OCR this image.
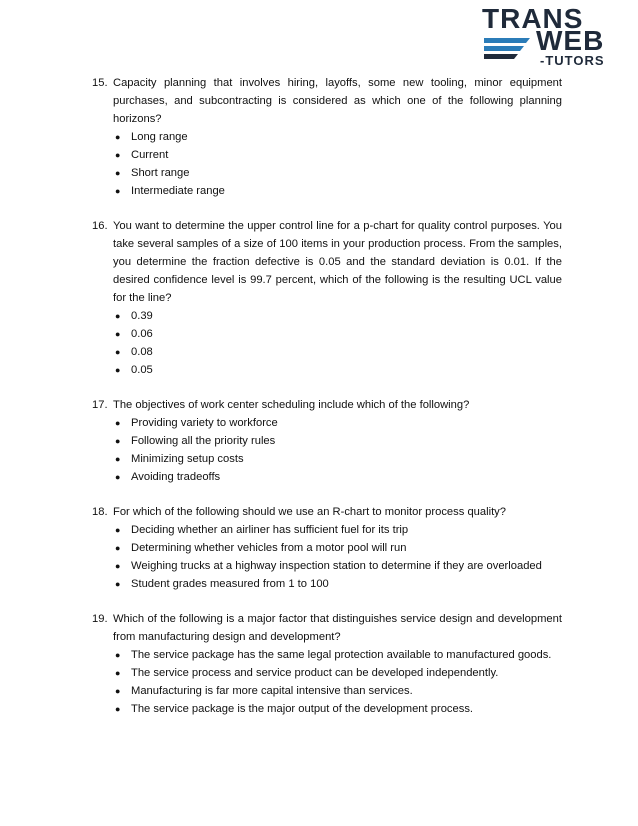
TRANS
WEB
-TUTORS
15. Capacity planning that involves hiring, layoffs, some new tooling, minor equipment purchases, and subcontracting is considered as which one of the following planning horizons?
● Long range
● Current
● Short range
● Intermediate range
16. You want to determine the upper control line for a p-chart for quality control purposes. You take several samples of a size of 100 items in your production process. From the samples, you determine the fraction defective is 0.05 and the standard deviation is 0.01. If the desired confidence level is 99.7 percent, which of the following is the resulting UCL value for the line?
● 0.39
● 0.06
● 0.08
● 0.05
17. The objectives of work center scheduling include which of the following?
● Providing variety to workforce
● Following all the priority rules
● Minimizing setup costs
● Avoiding tradeoffs
18. For which of the following should we use an R-chart to monitor process quality?
● Deciding whether an airliner has sufficient fuel for its trip
● Determining whether vehicles from a motor pool will run
● Weighing trucks at a highway inspection station to determine if they are overloaded
● Student grades measured from 1 to 100
19. Which of the following is a major factor that distinguishes service design and development from manufacturing design and development?
● The service package has the same legal protection available to manufactured goods.
● The service process and service product can be developed independently.
● Manufacturing is far more capital intensive than services.
● The service package is the major output of the development process.
